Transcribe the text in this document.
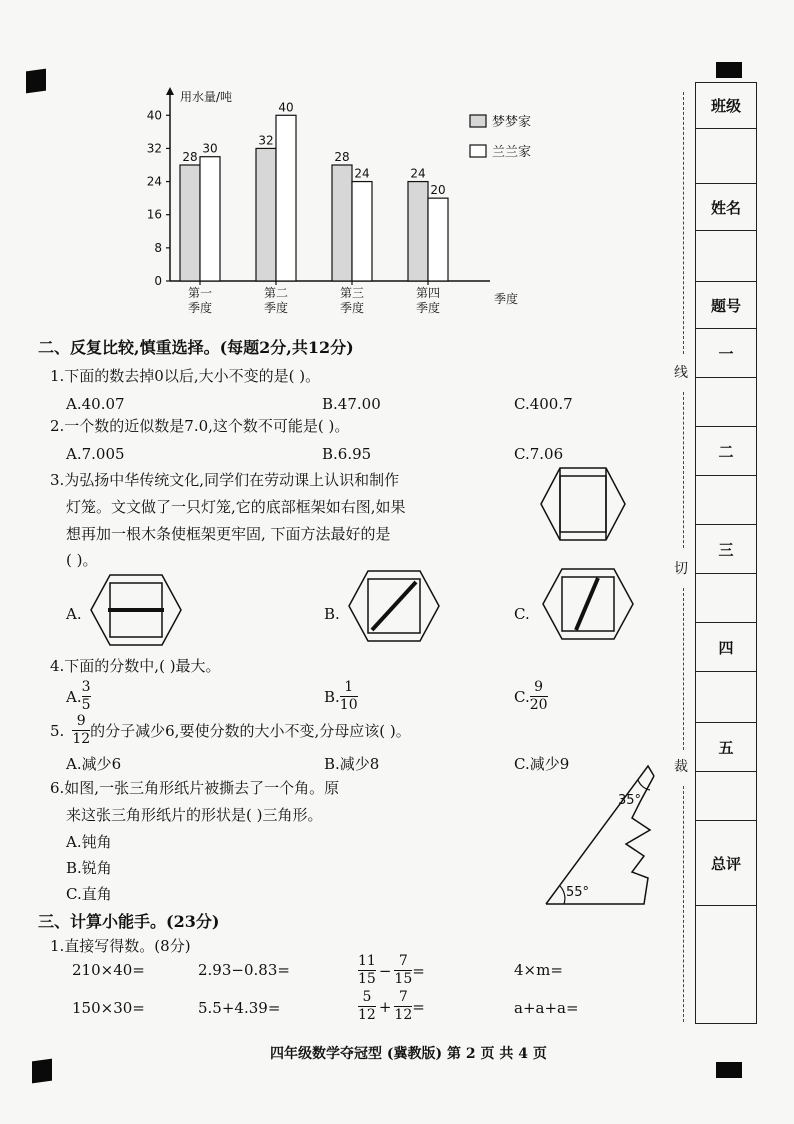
用水量/吨
季度
0
8
16
24
32
40
28
30
第一
季度
32
40
第二
季度
28
24
第三
季度
24
20
第四
季度
梦梦家
兰兰家
二、反复比较,慎重选择。(每题2分,共12分)
1.下面的数去掉0以后,大小不变的是( )。
A.40.07	B.47.00	C.400.7
2.一个数的近似数是7.0,这个数不可能是( )。
A.7.005	B.6.95	C.7.06
3.为弘扬中华传统文化,同学们在劳动课上认识和制作
灯笼。文文做了一只灯笼,它的底部框架如右图,如果
想再加一根木条使框架更牢固, 下面方法最好的是
( )。
A.	B.	C.
4.下面的分数中,( )最大。
A. $\frac{3}{5}$	B. $\frac{1}{10}$	C. $\frac{9}{20}$
5. $\frac{9}{12}$ 的分子减少6,要使分数的大小不变,分母应该( )。
A.减少6	B.减少8	C.减少9
6.如图,一张三角形纸片被撕去了一个角。原
来这张三角形纸片的形状是( )三角形。
A.钝角
B.锐角
C.直角
35°
55°
三、计算小能手。(23分)
1.直接写得数。(8分)
210×40=	2.93−0.83=	$\frac{11}{15} - \frac{7}{15}$ =	4×m=
150×30=	5.5+4.39=	$\frac{5}{12} + \frac{7}{12}$ =	a+a+a=
四年级数学夺冠型 (冀教版) 第 2 页 共 4 页
线
切
裁
班级
姓名
题号
一
二
三
四
五
总评
